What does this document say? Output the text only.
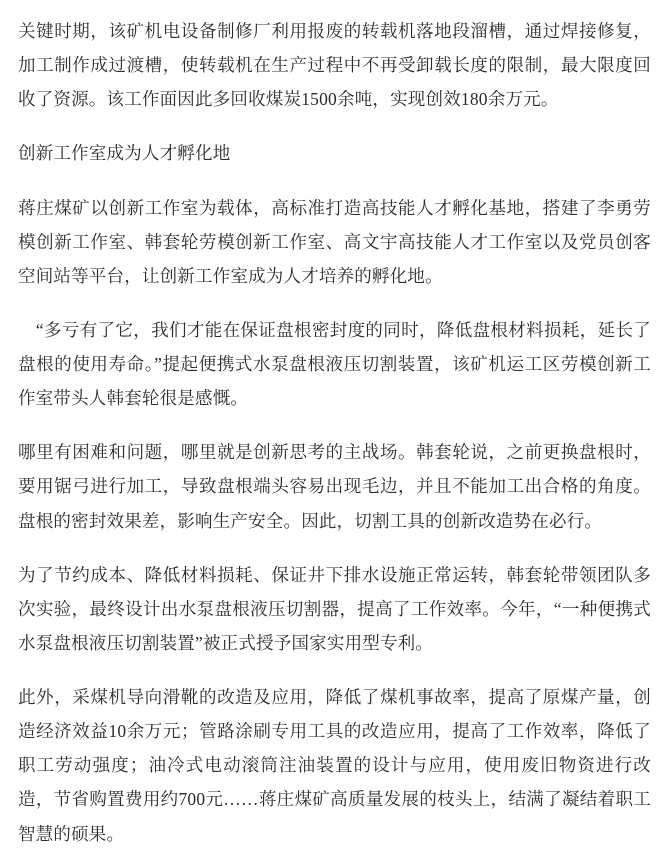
关键时期，该矿机电设备制修厂利用报废的转载机落地段溜槽，通过焊接修复，加工制作成过渡槽，使转载机在生产过程中不再受卸载长度的限制，最大限度回收了资源。该工作面因此多回收煤炭1500余吨，实现创效180余万元。

创新工作室成为人才孵化地

蒋庄煤矿以创新工作室为载体，高标准打造高技能人才孵化基地，搭建了李勇劳模创新工作室、韩套轮劳模创新工作室、高文宇高技能人才工作室以及党员创客空间站等平台，让创新工作室成为人才培养的孵化地。

　“多亏有了它，我们才能在保证盘根密封度的同时，降低盘根材料损耗，延长了盘根的使用寿命。”提起便携式水泵盘根液压切割装置，该矿机运工区劳模创新工作室带头人韩套轮很是感慨。

哪里有困难和问题，哪里就是创新思考的主战场。韩套轮说，之前更换盘根时，要用锯弓进行加工，导致盘根端头容易出现毛边，并且不能加工出合格的角度。盘根的密封效果差，影响生产安全。因此，切割工具的创新改造势在必行。

为了节约成本、降低材料损耗、保证井下排水设施正常运转，韩套轮带领团队多次实验，最终设计出水泵盘根液压切割器，提高了工作效率。今年，“一种便携式水泵盘根液压切割装置”被正式授予国家实用型专利。

此外，采煤机导向滑靴的改造及应用，降低了煤机事故率，提高了原煤产量，创造经济效益10余万元；管路涂刷专用工具的改造应用，提高了工作效率，降低了职工劳动强度；油冷式电动滚筒注油装置的设计与应用，使用废旧物资进行改造，节省购置费用约700元……蒋庄煤矿高质量发展的枝头上，结满了凝结着职工智慧的硕果。
